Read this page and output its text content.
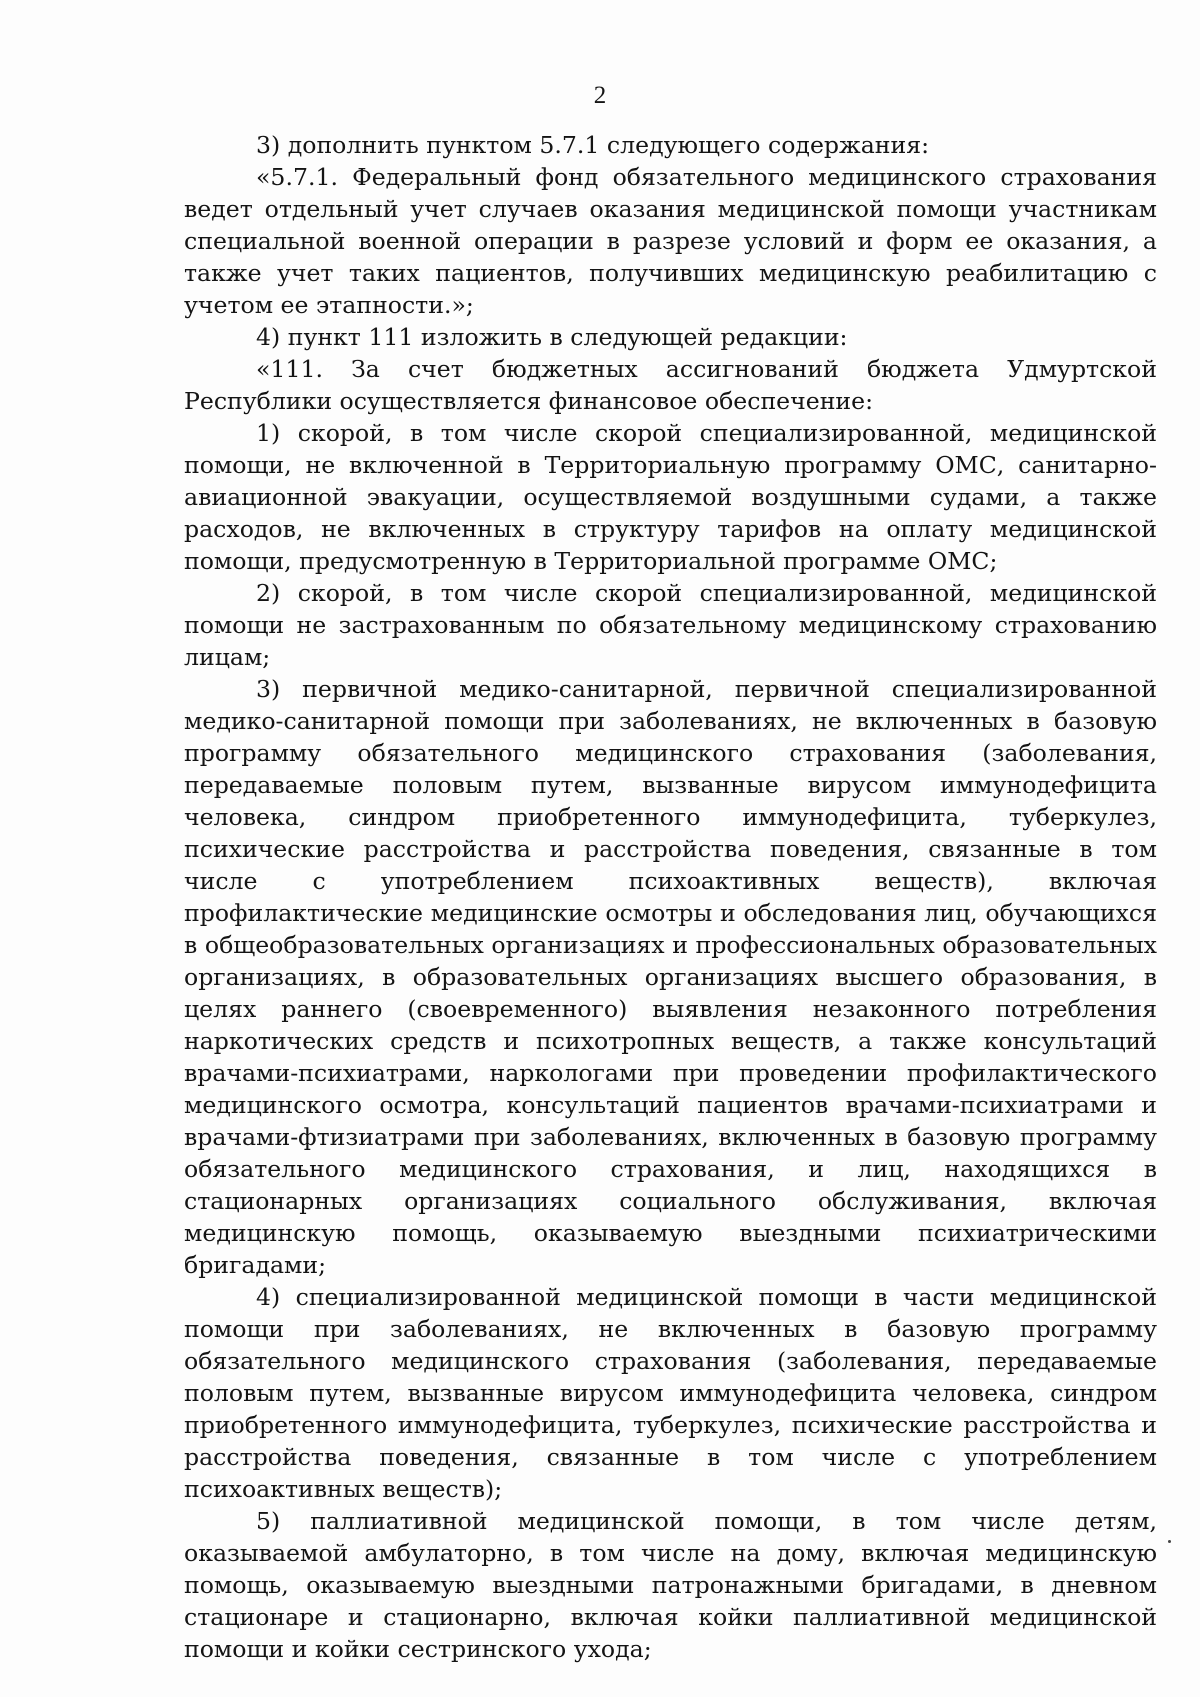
2

3) дополнить пунктом 5.7.1 следующего содержания:

«5.7.1. Федеральный фонд обязательного медицинского страхования ведет отдельный учет случаев оказания медицинской помощи участникам специальной военной операции в разрезе условий и форм ее оказания, а также учет таких пациентов, получивших медицинскую реабилитацию с учетом ее этапности.»;

4) пункт 111 изложить в следующей редакции:

«111. За счет бюджетных ассигнований бюджета Удмуртской Республики осуществляется финансовое обеспечение:

1) скорой, в том числе скорой специализированной, медицинской помощи, не включенной в Территориальную программу ОМС, санитарно-авиационной эвакуации, осуществляемой воздушными судами, а также расходов, не включенных в структуру тарифов на оплату медицинской помощи, предусмотренную в Территориальной программе ОМС;

2) скорой, в том числе скорой специализированной, медицинской помощи не застрахованным по обязательному медицинскому страхованию лицам;

3) первичной медико-санитарной, первичной специализированной медико-санитарной помощи при заболеваниях, не включенных в базовую программу обязательного медицинского страхования (заболевания, передаваемые половым путем, вызванные вирусом иммунодефицита человека, синдром приобретенного иммунодефицита, туберкулез, психические расстройства и расстройства поведения, связанные в том числе с употреблением психоактивных веществ), включая профилактические медицинские осмотры и обследования лиц, обучающихся в общеобразовательных организациях и профессиональных образовательных организациях, в образовательных организациях высшего образования, в целях раннего (своевременного) выявления незаконного потребления наркотических средств и психотропных веществ, а также консультаций врачами-психиатрами, наркологами при проведении профилактического медицинского осмотра, консультаций пациентов врачами-психиатрами и врачами-фтизиатрами при заболеваниях, включенных в базовую программу обязательного медицинского страхования, и лиц, находящихся в стационарных организациях социального обслуживания, включая медицинскую помощь, оказываемую выездными психиатрическими бригадами;

4) специализированной медицинской помощи в части медицинской помощи при заболеваниях, не включенных в базовую программу обязательного медицинского страхования (заболевания, передаваемые половым путем, вызванные вирусом иммунодефицита человека, синдром приобретенного иммунодефицита, туберкулез, психические расстройства и расстройства поведения, связанные в том числе с употреблением психоактивных веществ);

5) паллиативной медицинской помощи, в том числе детям, оказываемой амбулаторно, в том числе на дому, включая медицинскую помощь, оказываемую выездными патронажными бригадами, в дневном стационаре и стационарно, включая койки паллиативной медицинской помощи и койки сестринского ухода;
